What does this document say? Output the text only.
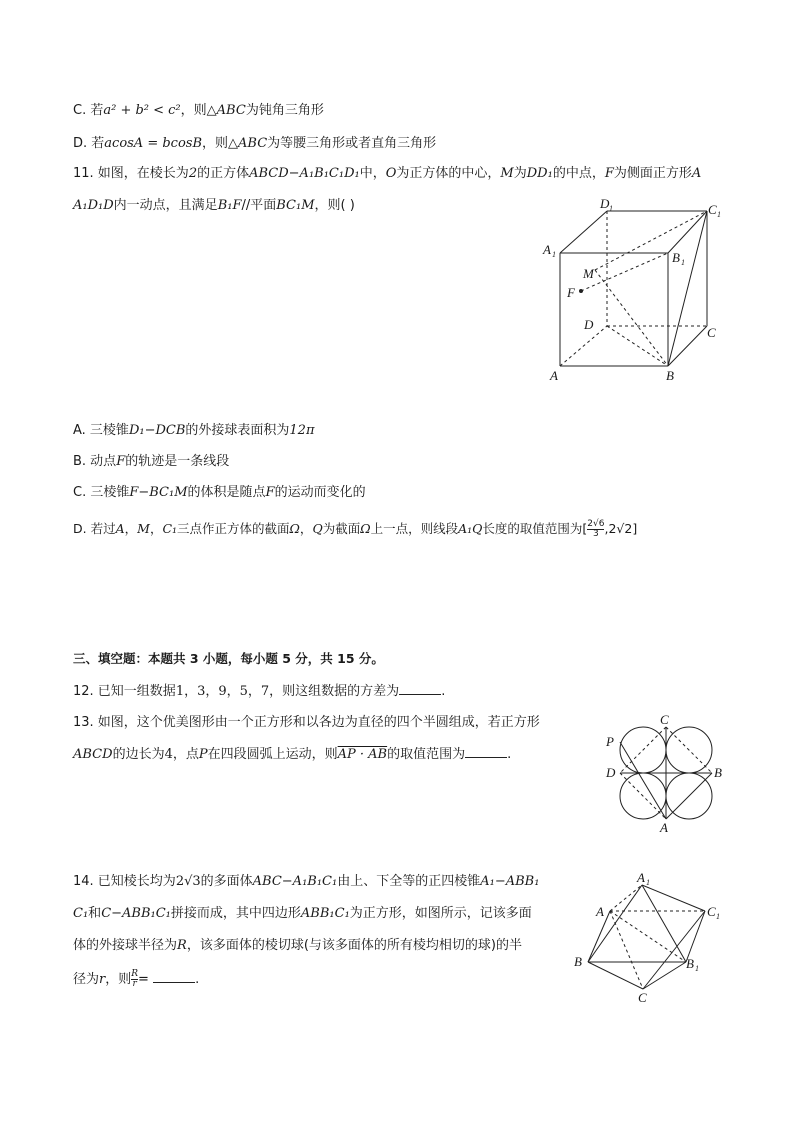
C. 若a² + b² < c²，则△ABC为钝角三角形
D. 若acosA = bcosB，则△ABC为等腰三角形或者直角三角形
11. 如图，在棱长为2的正方体ABCD−A₁B₁C₁D₁中，O为正方体的中心，M为DD₁的中点，F为侧面正方形A
A₁D₁D内一动点，且满足B₁F//平面BC₁M，则( )	D 1	C 1
A 1	B 1
M
F
D
C
A	B
A. 三棱锥D₁−DCB的外接球表面积为12π
B. 动点F的轨迹是一条线段
C. 三棱锥F−BC₁M的体积是随点F的运动而变化的
D. 若过A，M，C₁三点作正方体的截面Ω，Q为截面Ω上一点，则线段A₁Q长度的取值范围为[ $\frac{2√6}{3} ,2√2$]
三、填空题：本题共 3 小题，每小题 5 分，共 15 分。
12. 已知一组数据1，3，9，5，7，则这组数据的方差为	.
13. 如图，这个优美图形由一个正方形和以各边为直径的四个半圆组成，若正方形
ABCD的边长为4，点P在四段圆弧上运动，则AP · AB的取值范围为	.
C
P
D	B
A
14. 已知棱长均为2√3的多面体ABC−A₁B₁C₁由上、下全等的正四棱锥A₁−ABB₁
C₁和C−ABB₁C₁拼接而成，其中四边形ABB₁C₁为正方形，如图所示，记该多面
体的外接球半径为R，该多面体的棱切球(与该多面体的所有棱均相切的球)的半
径为r，则 $\frac{R}{r}$ =	.
A 1
A	C 1
B	B 1
C
